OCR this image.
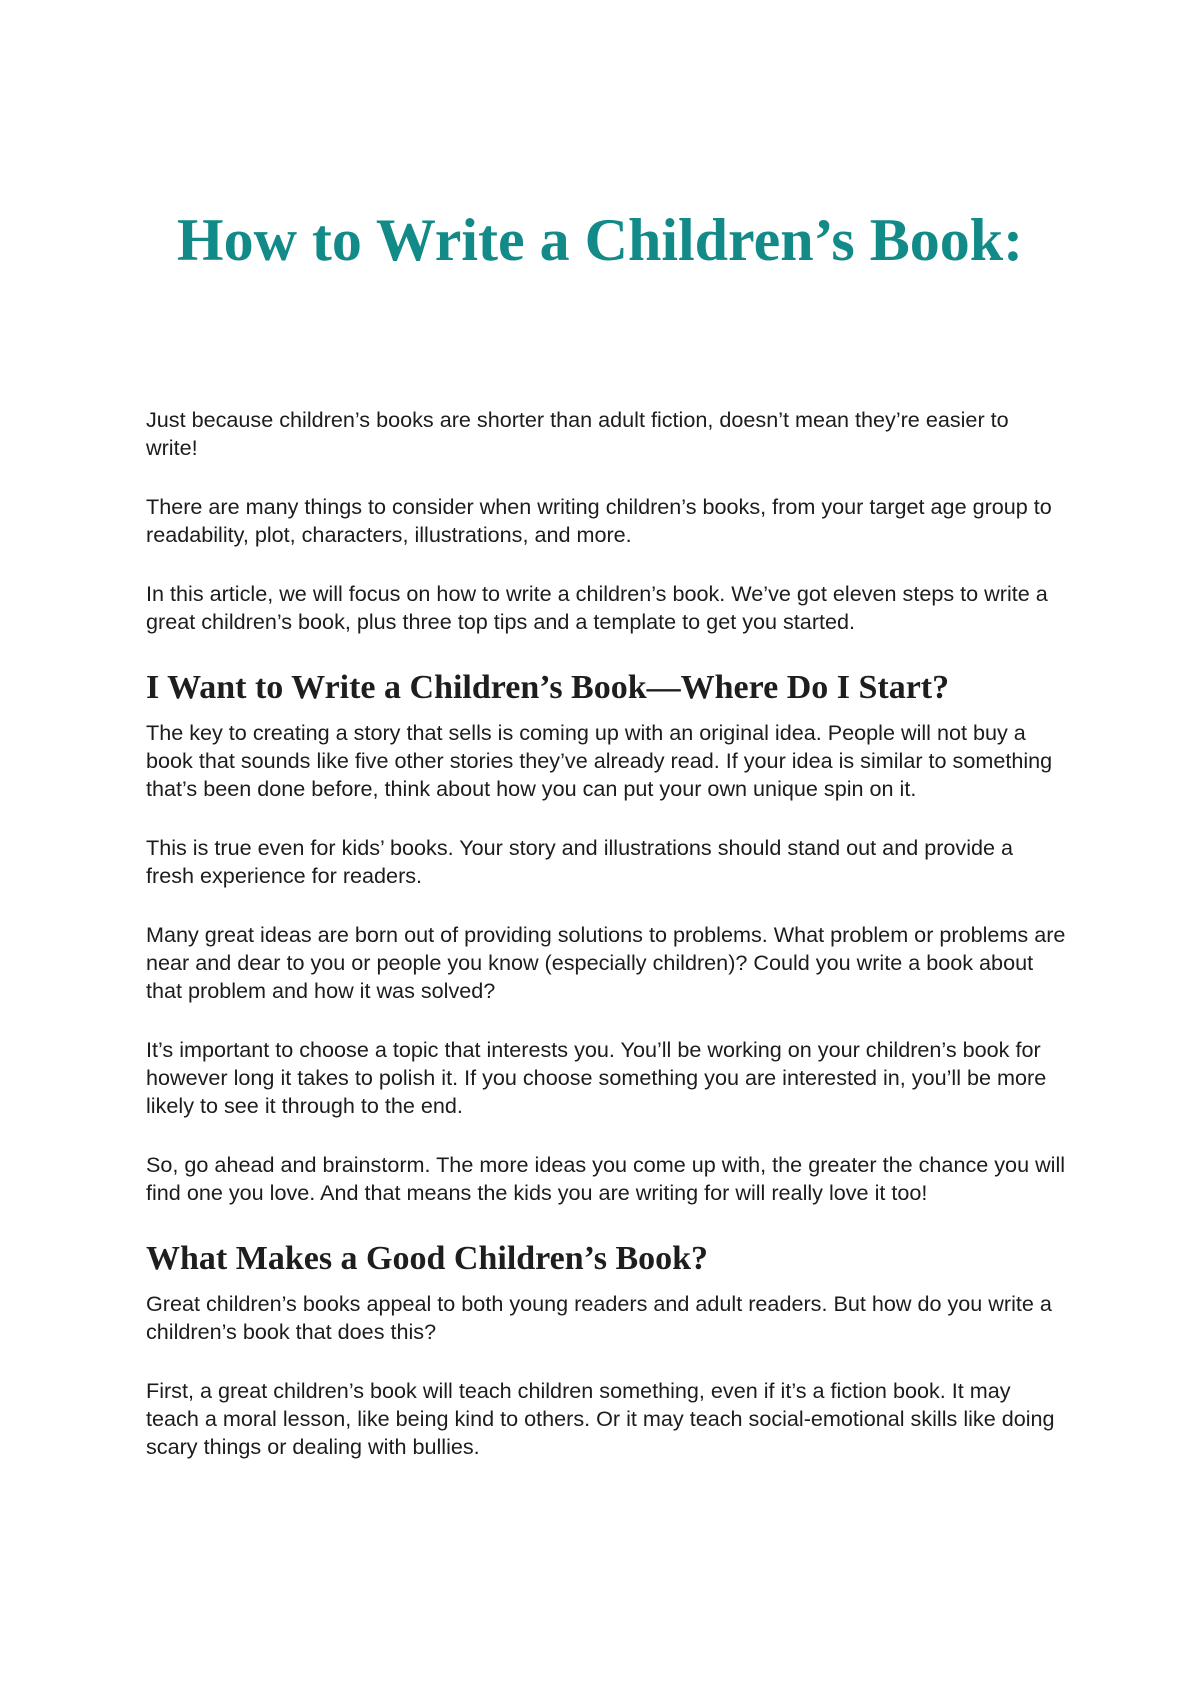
How to Write a Children’s Book:

Just because children’s books are shorter than adult fiction, doesn’t mean they’re easier to write!

There are many things to consider when writing children’s books, from your target age group to readability, plot, characters, illustrations, and more.

In this article, we will focus on how to write a children’s book. We’ve got eleven steps to write a great children’s book, plus three top tips and a template to get you started.

I Want to Write a Children’s Book—Where Do I Start?

The key to creating a story that sells is coming up with an original idea. People will not buy a book that sounds like five other stories they’ve already read. If your idea is similar to something that’s been done before, think about how you can put your own unique spin on it.

This is true even for kids’ books. Your story and illustrations should stand out and provide a fresh experience for readers.

Many great ideas are born out of providing solutions to problems. What problem or problems are near and dear to you or people you know (especially children)? Could you write a book about that problem and how it was solved?

It’s important to choose a topic that interests you. You’ll be working on your children’s book for however long it takes to polish it. If you choose something you are interested in, you’ll be more likely to see it through to the end.

So, go ahead and brainstorm. The more ideas you come up with, the greater the chance you will find one you love. And that means the kids you are writing for will really love it too!

What Makes a Good Children’s Book?

Great children’s books appeal to both young readers and adult readers. But how do you write a children’s book that does this?

First, a great children’s book will teach children something, even if it’s a fiction book. It may teach a moral lesson, like being kind to others. Or it may teach social-emotional skills like doing scary things or dealing with bullies.
